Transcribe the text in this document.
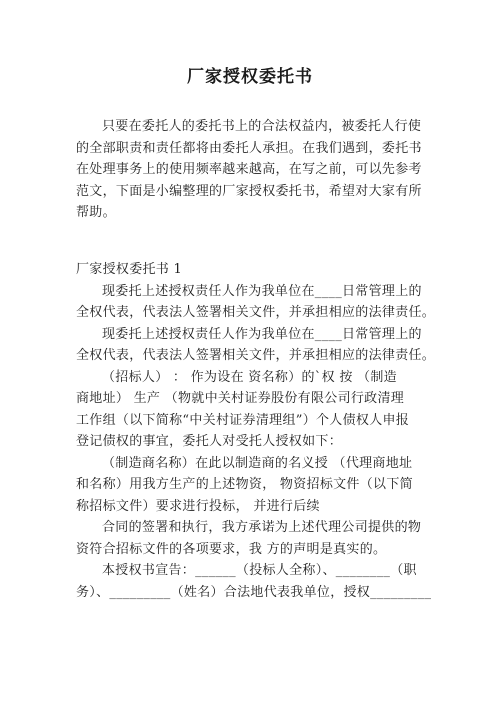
厂家授权委托书
只要在委托人的委托书上的合法权益内，被委托人行使
的全部职责和责任都将由委托人承担。在我们遇到，委托书
在处理事务上的使用频率越来越高，在写之前，可以先参考
范文，下面是小编整理的厂家授权委托书，希望对大家有所
帮助。
厂家授权委托书 1
现委托上述授权责任人作为我单位在____日常管理上的
全权代表，代表法人签署相关文件，并承担相应的法律责任。
现委托上述授权责任人作为我单位在____日常管理上的
全权代表，代表法人签署相关文件，并承担相应的法律责任。
（招标人） ： 作为设在 资名称）的`权 按 （制造
商地址） 生产 （物就中关村证券股份有限公司行政清理
工作组（以下简称“中关村证券清理组”）个人债权人申报
登记债权的事宜，委托人对受托人授权如下：
（制造商名称）在此以制造商的名义授 （代理商地址
和名称）用我方生产的上述物资， 物资招标文件（以下简
称招标文件）要求进行投标， 并进行后续
合同的签署和执行，我方承诺为上述代理公司提供的物
资符合招标文件的各项要求，我 方的声明是真实的。
本授权书宣告：______（投标人全称）、________（职
务）、_________（姓名）合法地代表我单位，授权_________
